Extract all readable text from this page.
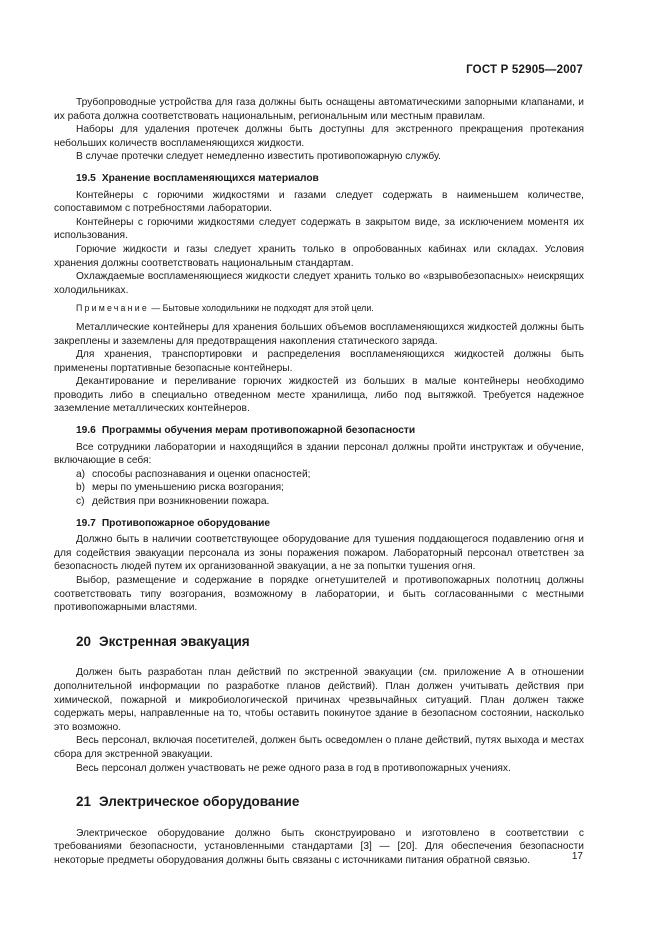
ГОСТ Р 52905—2007

Трубопроводные устройства для газа должны быть оснащены автоматическими запорными клапанами, и их работа должна соответствовать национальным, региональным или местным правилам.

Наборы для удаления протечек должны быть доступны для экстренного прекращения протекания небольших количеств воспламеняющихся жидкости.

В случае протечки следует немедленно известить противопожарную службу.

19.5 Хранение воспламеняющихся материалов

Контейнеры с горючими жидкостями и газами следует содержать в наименьшем количестве, сопоставимом с потребностями лаборатории.

Контейнеры с горючими жидкостями следует содержать в закрытом виде, за исключением моментя их использования.

Горючие жидкости и газы следует хранить только в опробованных кабинах или складах. Условия хранения должны соответствовать национальным стандартам.

Охлаждаемые воспламеняющиеся жидкости следует хранить только во «взрывобезопасных» неискрящих холодильниках.

Примечание — Бытовые холодильники не подходят для этой цели.

Металлические контейнеры для хранения больших объемов воспламеняющихся жидкостей должны быть закреплены и заземлены для предотвращения накопления статического заряда.

Для хранения, транспортировки и распределения воспламеняющихся жидкостей должны быть применены портативные безопасные контейнеры.

Декантирование и переливание горючих жидкостей из больших в малые контейнеры необходимо проводить либо в специально отведенном месте хранилища, либо под вытяжкой. Требуется надежное заземление металлических контейнеров.

19.6 Программы обучения мерам противопожарной безопасности

Все сотрудники лаборатории и находящийся в здании персонал должны пройти инструктаж и обучение, включающие в себя:

а) способы распознавания и оценки опасностей;
b) меры по уменьшению риска возгорания;
с) действия при возникновении пожара.
19.7 Противопожарное оборудование

Должно быть в наличии соответствующее оборудование для тушения поддающегося подавлению огня и для содействия эвакуации персонала из зоны поражения пожаром. Лабораторный персонал ответствен за безопасность людей путем их организованной эвакуации, а не за попытки тушения огня.

Выбор, размещение и содержание в порядке огнетушителей и противопожарных полотниц должны соответствовать типу возгорания, возможному в лаборатории, и быть согласованными с местными противопожарными властями.

20 Экстренная эвакуация

Должен быть разработан план действий по экстренной эвакуации (см. приложение А в отношении дополнительной информации по разработке планов действий). План должен учитывать действия при химической, пожарной и микробиологической причинах чрезвычайных ситуаций. План должен также содержать меры, направленные на то, чтобы оставить покинутое здание в безопасном состоянии, насколько это возможно.

Весь персонал, включая посетителей, должен быть осведомлен о плане действий, путях выхода и местах сбора для экстренной эвакуации.

Весь персонал должен участвовать не реже одного раза в год в противопожарных учениях.

21 Электрическое оборудование

Электрическое оборудование должно быть сконструировано и изготовлено в соответствии с требованиями безопасности, установленными стандартами [3] — [20]. Для обеспечения безопасности некоторые предметы оборудования должны быть связаны с источниками питания обратной связью.	17
